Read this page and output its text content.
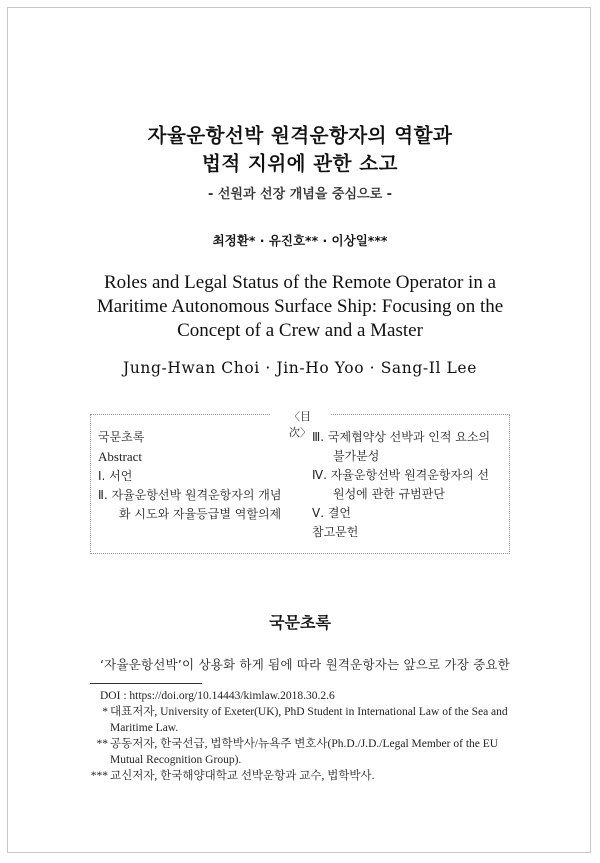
자율운항선박 원격운항자의 역할과
법적 지위에 관한 소고
- 선원과 선장 개념을 중심으로 -
최정환* · 유진호** · 이상일***
Roles and Legal Status of the Remote Operator in a
Maritime Autonomous Surface Ship: Focusing on the
Concept of a Crew and a Master
Jung-Hwan Choi · Jin-Ho Yoo · Sang-Il Lee
〈目　　次〉
국문초록
Abstract
Ⅰ. 서언
Ⅱ. 자율운항선박 원격운항자의 개념
화 시도와 자율등급별 역할의제
Ⅲ. 국제협약상 선박과 인적 요소의
불가분성
Ⅳ. 자율운항선박 원격운항자의 선
원성에 관한 규범판단
Ⅴ. 결언
참고문헌
국문초록
‘자율운항선박’이 상용화 하게 됨에 따라 원격운항자는 앞으로 가장 중요한
DOI : https://doi.org/10.14443/kimlaw.2018.30.2.6
* 대표저자, University of Exeter(UK), PhD Student in International Law of the Sea and Maritime Law.
** 공동저자, 한국선급, 법학박사/뉴욕주 변호사(Ph.D./J.D./Legal Member of the EU Mutual Recognition Group).
*** 교신저자, 한국해양대학교 선박운항과 교수, 법학박사.
